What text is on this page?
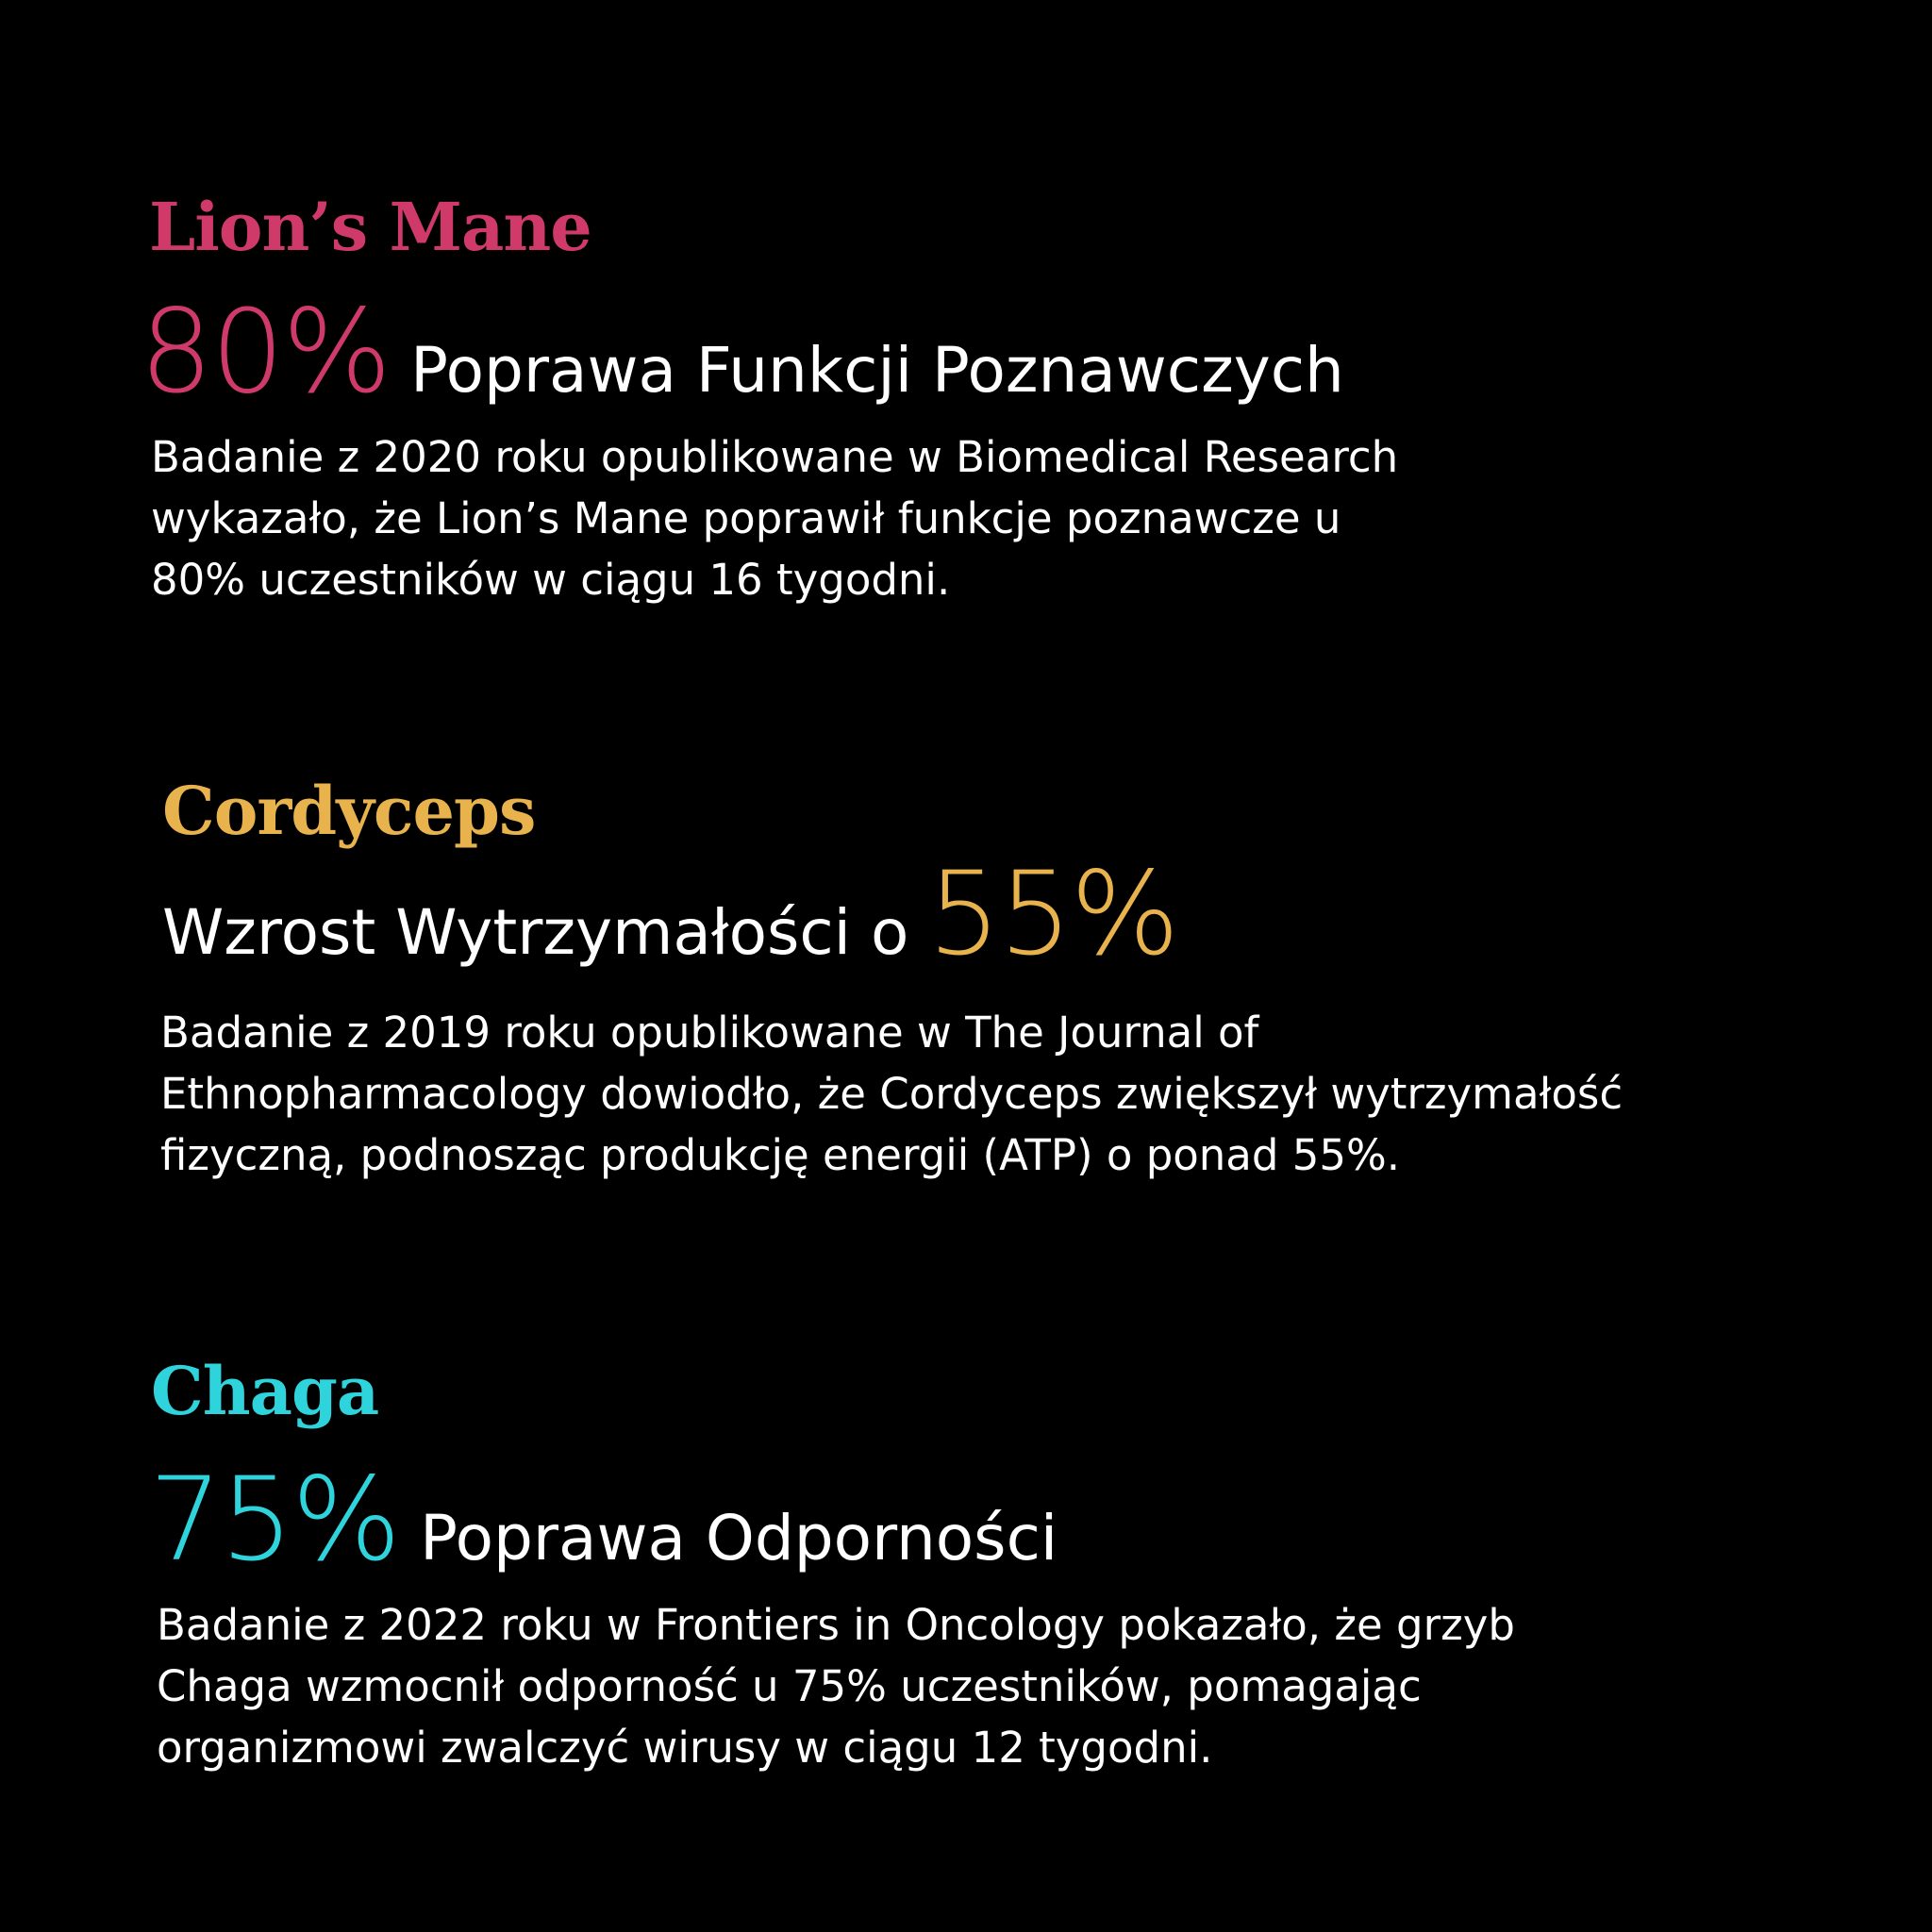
Lion’s Mane
80% Poprawa Funkcji Poznawczych

Badanie z 2020 roku opublikowane w Biomedical Research
wykazało, że Lion’s Mane poprawił funkcje poznawcze u
80% uczestników w ciągu 16 tygodni.

Cordyceps
Wzrost Wytrzymałości o 55%

Badanie z 2019 roku opublikowane w The Journal of
Ethnopharmacology dowiodło, że Cordyceps zwiększył wytrzymałość
fizyczną, podnosząc produkcję energii (ATP) o ponad 55%.

Chaga
75% Poprawa Odporności

Badanie z 2022 roku w Frontiers in Oncology pokazało, że grzyb
Chaga wzmocnił odporność u 75% uczestników, pomagając
organizmowi zwalczyć wirusy w ciągu 12 tygodni.
